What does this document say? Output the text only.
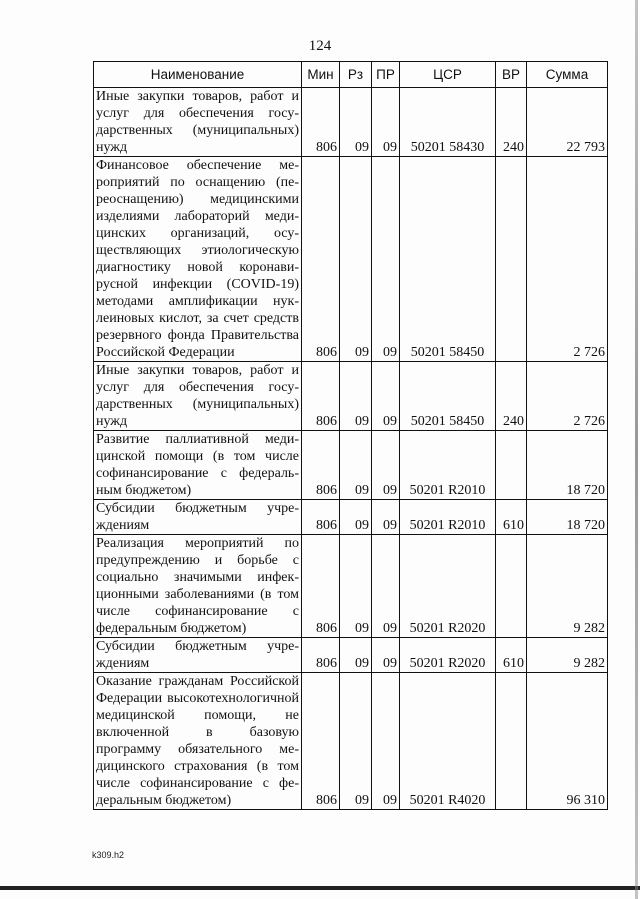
124
Наименование	Мин	Рз	ПР	ЦСР	ВР	Сумма
Иные закупки товаров, работ и услуг для обеспечения государственных (муниципальных) нужд	806	09	09	50201 58430	240	22 793
Финансовое обеспечение мероприятий по оснащению (переоснащению) медицинскими изделиями лабораторий медицинских организаций, осуществляющих этиологическую диагностику новой коронавирусной инфекции (COVID-19) методами амплификации нуклеиновых кислот, за счет средств резервного фонда Правительства Российской Федерации	806	09	09	50201 58450		2 726
Иные закупки товаров, работ и услуг для обеспечения государственных (муниципальных) нужд	806	09	09	50201 58450	240	2 726
Развитие паллиативной медицинской помощи (в том числе софинансирование с федеральным бюджетом)	806	09	09	50201 R2010		18 720
Субсидии бюджетным учреждениям	806	09	09	50201 R2010	610	18 720
Реализация мероприятий по предупреждению и борьбе с социально значимыми инфекционными заболеваниями (в том числе софинансирование с федеральным бюджетом)	806	09	09	50201 R2020		9 282
Субсидии бюджетным учреждениям	806	09	09	50201 R2020	610	9 282
Оказание гражданам Российской Федерации высокотехнологичной медицинской помощи, не включенной в базовую программу обязательного медицинского страхования (в том числе софинансирование с федеральным бюджетом)	806	09	09	50201 R4020		96 310
k309.h2
